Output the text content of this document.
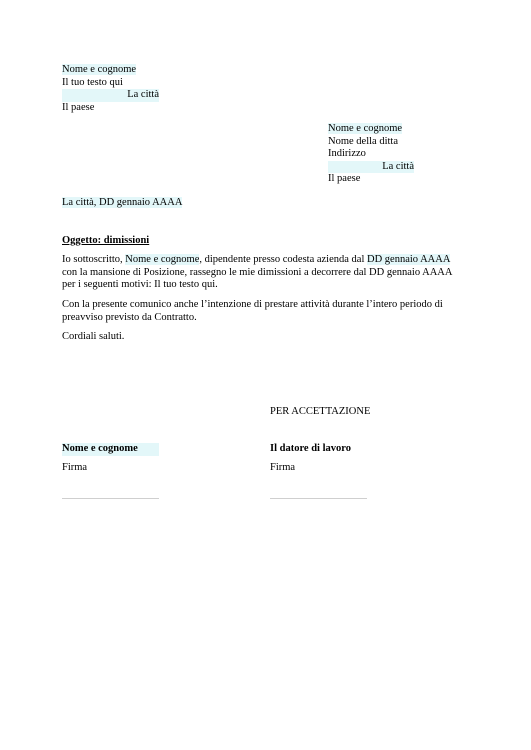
Nome e cognome
Il tuo testo qui
La città
Il paese
Nome e cognome
Nome della ditta
Indirizzo
La città
Il paese
La città, DD gennaio AAAA
Oggetto: dimissioni
Io sottoscritto, Nome e cognome, dipendente presso codesta azienda dal DD gennaio AAAA
con la mansione di Posizione, rassegno le mie dimissioni a decorrere dal DD gennaio AAAA
per i seguenti motivi: Il tuo testo qui.
Con la presente comunico anche l’intenzione di prestare attività durante l’intero periodo di
preavviso previsto da Contratto.
Cordiali saluti.
PER ACCETTAZIONE
Nome e cognome
Firma
Il datore di lavoro
Firma
